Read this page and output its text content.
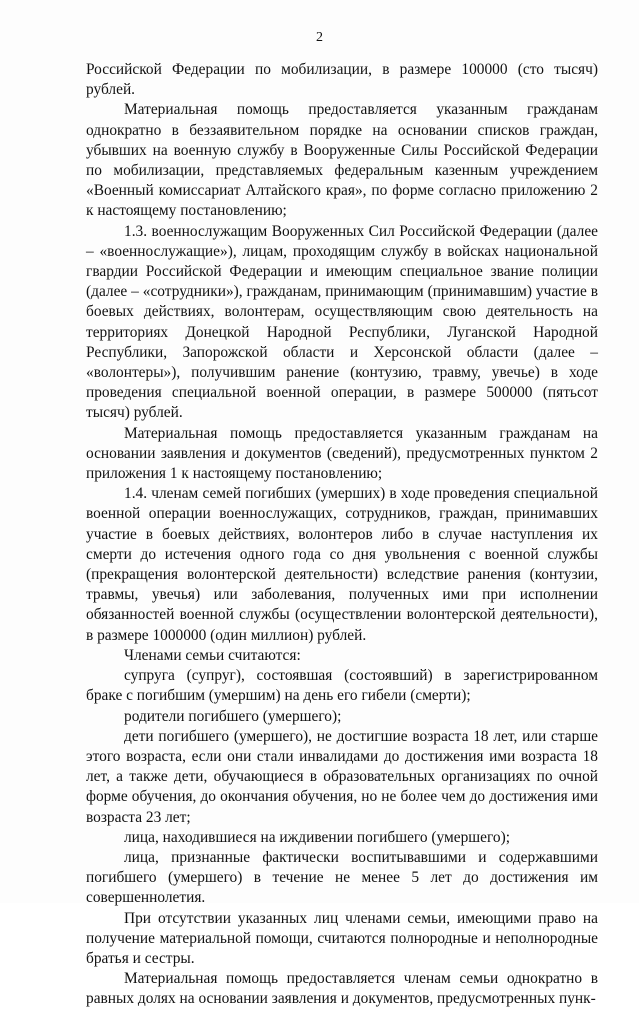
2

Российской Федерации по мобилизации, в размере 100000 (сто тысяч) рублей.

Материальная помощь предоставляется указанным гражданам однократно в беззаявительном порядке на основании списков граждан, убывших на военную службу в Вооруженные Силы Российской Федерации по мобилизации, представляемых федеральным казенным учреждением «Военный комиссариат Алтайского края», по форме согласно приложению 2 к настоящему постановлению;

1.3. военнослужащим Вооруженных Сил Российской Федерации (далее – «военнослужащие»), лицам, проходящим службу в войсках национальной гвардии Российской Федерации и имеющим специальное звание полиции (далее – «сотрудники»), гражданам, принимающим (принимавшим) участие в боевых действиях, волонтерам, осуществляющим свою деятельность на территориях Донецкой Народной Республики, Луганской Народной Республики, Запорожской области и Херсонской области (далее – «волонтеры»), получившим ранение (контузию, травму, увечье) в ходе проведения специальной военной операции, в размере 500000 (пятьсот тысяч) рублей.

Материальная помощь предоставляется указанным гражданам на основании заявления и документов (сведений), предусмотренных пунктом 2 приложения 1 к настоящему постановлению;

1.4. членам семей погибших (умерших) в ходе проведения специальной военной операции военнослужащих, сотрудников, граждан, принимавших участие в боевых действиях, волонтеров либо в случае наступления их смерти до истечения одного года со дня увольнения с военной службы (прекращения волонтерской деятельности) вследствие ранения (контузии, травмы, увечья) или заболевания, полученных ими при исполнении обязанностей военной службы (осуществлении волонтерской деятельности), в размере 1000000 (один миллион) рублей.

Членами семьи считаются:

супруга (супруг), состоявшая (состоявший) в зарегистрированном браке с погибшим (умершим) на день его гибели (смерти);

родители погибшего (умершего);

дети погибшего (умершего), не достигшие возраста 18 лет, или старше этого возраста, если они стали инвалидами до достижения ими возраста 18 лет, а также дети, обучающиеся в образовательных организациях по очной форме обучения, до окончания обучения, но не более чем до достижения ими возраста 23 лет;

лица, находившиеся на иждивении погибшего (умершего);

лица, признанные фактически воспитывавшими и содержавшими погибшего (умершего) в течение не менее 5 лет до достижения им совершеннолетия.

При отсутствии указанных лиц членами семьи, имеющими право на получение материальной помощи, считаются полнородные и неполнородные братья и сестры.

Материальная помощь предоставляется членам семьи однократно в равных долях на основании заявления и документов, предусмотренных пунк-
